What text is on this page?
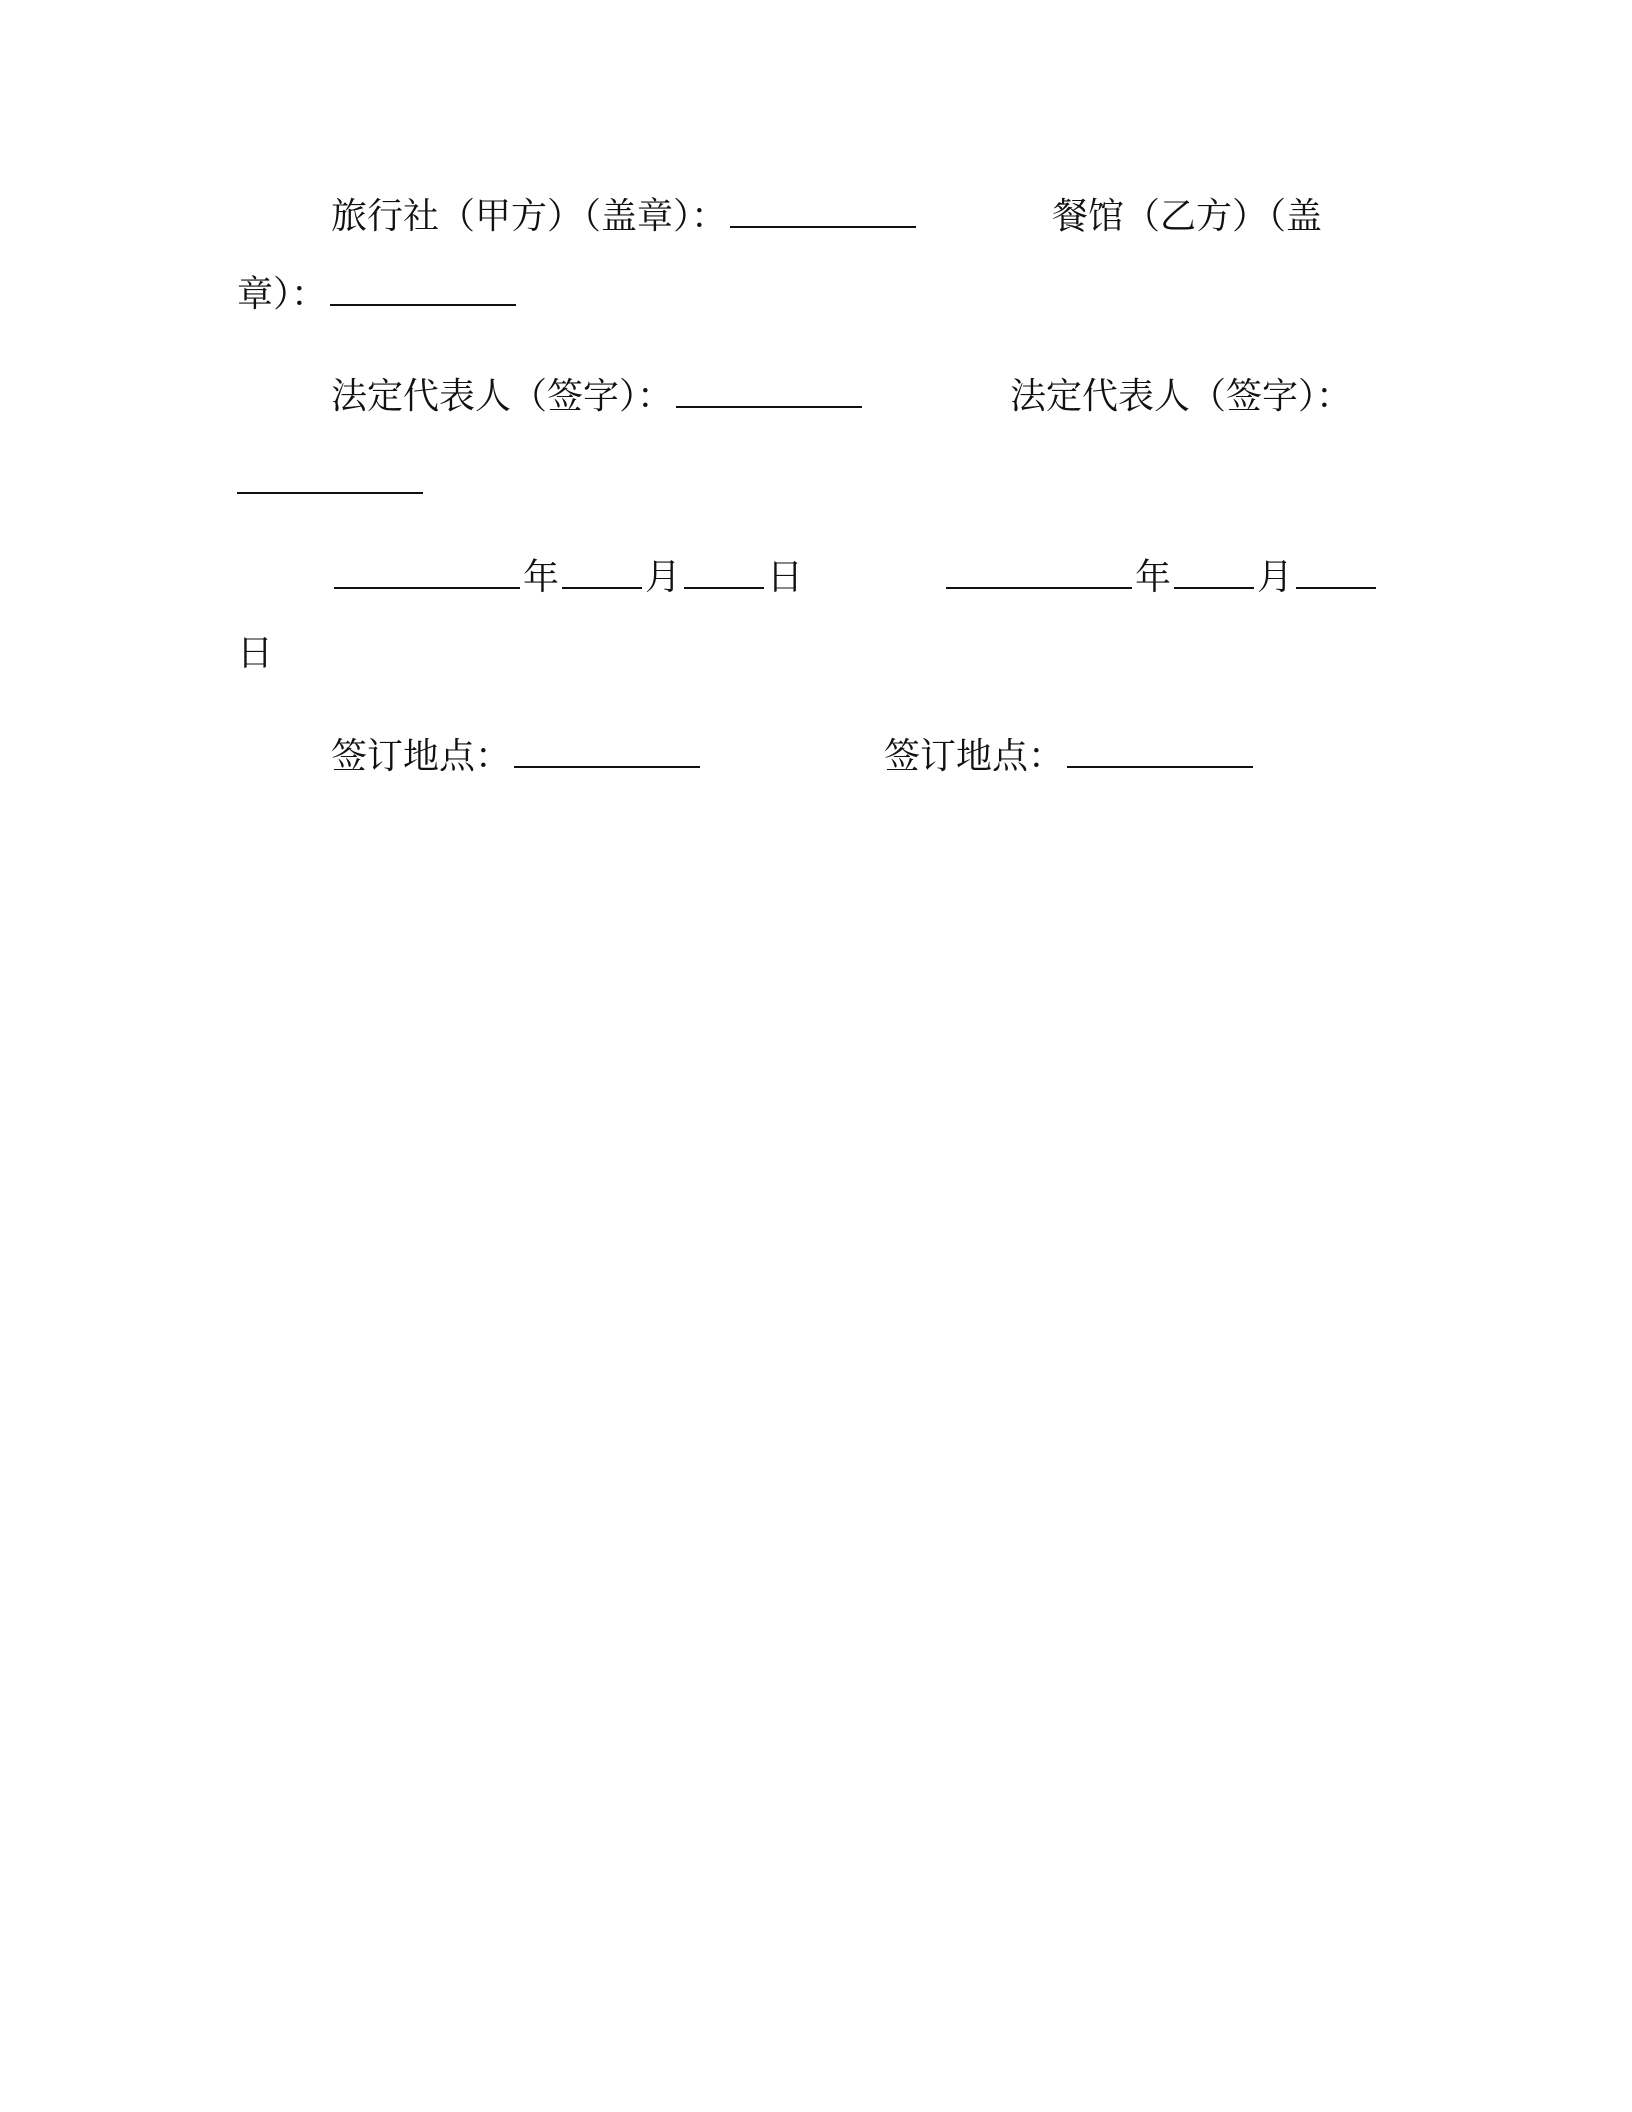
旅行社（甲方）（盖章）：	餐馆（乙方）（盖
章）：
法定代表人（签字）：	法定代表人（签字）：
年 月 日	年 月
日
签订地点：	签订地点：
